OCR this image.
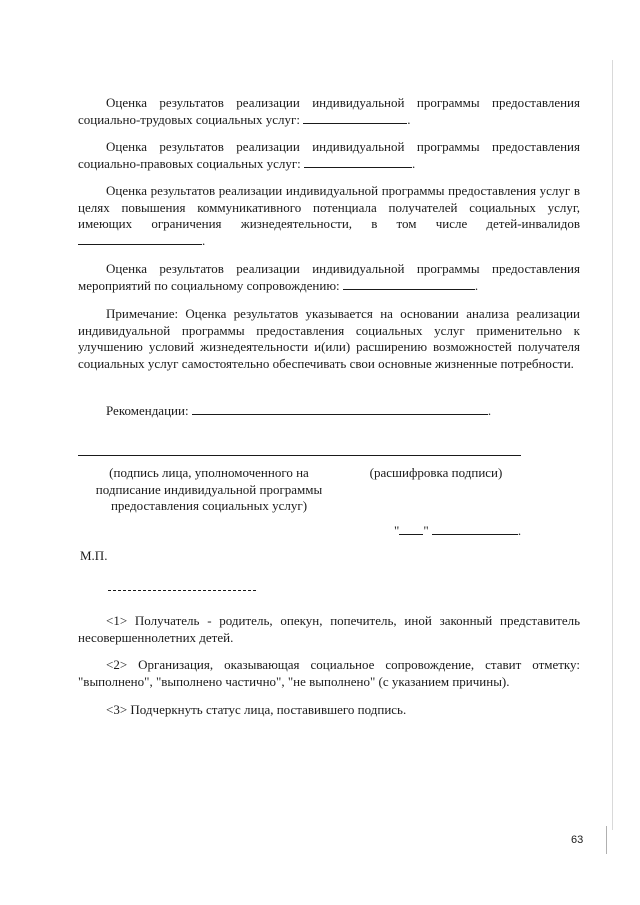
Оценка результатов реализации индивидуальной программы предоставления социально-трудовых социальных услуг:	.

Оценка результатов реализации индивидуальной программы предоставления социально-правовых социальных услуг:	.

Оценка результатов реализации индивидуальной программы предоставления услуг в целях повышения коммуникативного потенциала получателей социальных услуг, имеющих ограничения жизнедеятельности, в том числе детей-инвалидов .

Оценка результатов реализации индивидуальной программы предоставления мероприятий по социальному сопровождению:	.

Примечание: Оценка результатов указывается на основании анализа реализации индивидуальной программы предоставления социальных услуг применительно к улучшению условий жизнедеятельности и(или) расширению возможностей получателя социальных услуг самостоятельно обеспечивать свои основные жизненные потребности.

Рекомендации:	.

(подпись лица, уполномоченного на подписание индивидуальной программы предоставления социальных услуг)

(расшифровка подписи)

" "	.
М.П.

<1> Получатель - родитель, опекун, попечитель, иной законный представитель несовершеннолетних детей.

<2> Организация, оказывающая социальное сопровождение, ставит отметку: "выполнено", "выполнено частично", "не выполнено" (с указанием причины).

<3> Подчеркнуть статус лица, поставившего подпись.

63
